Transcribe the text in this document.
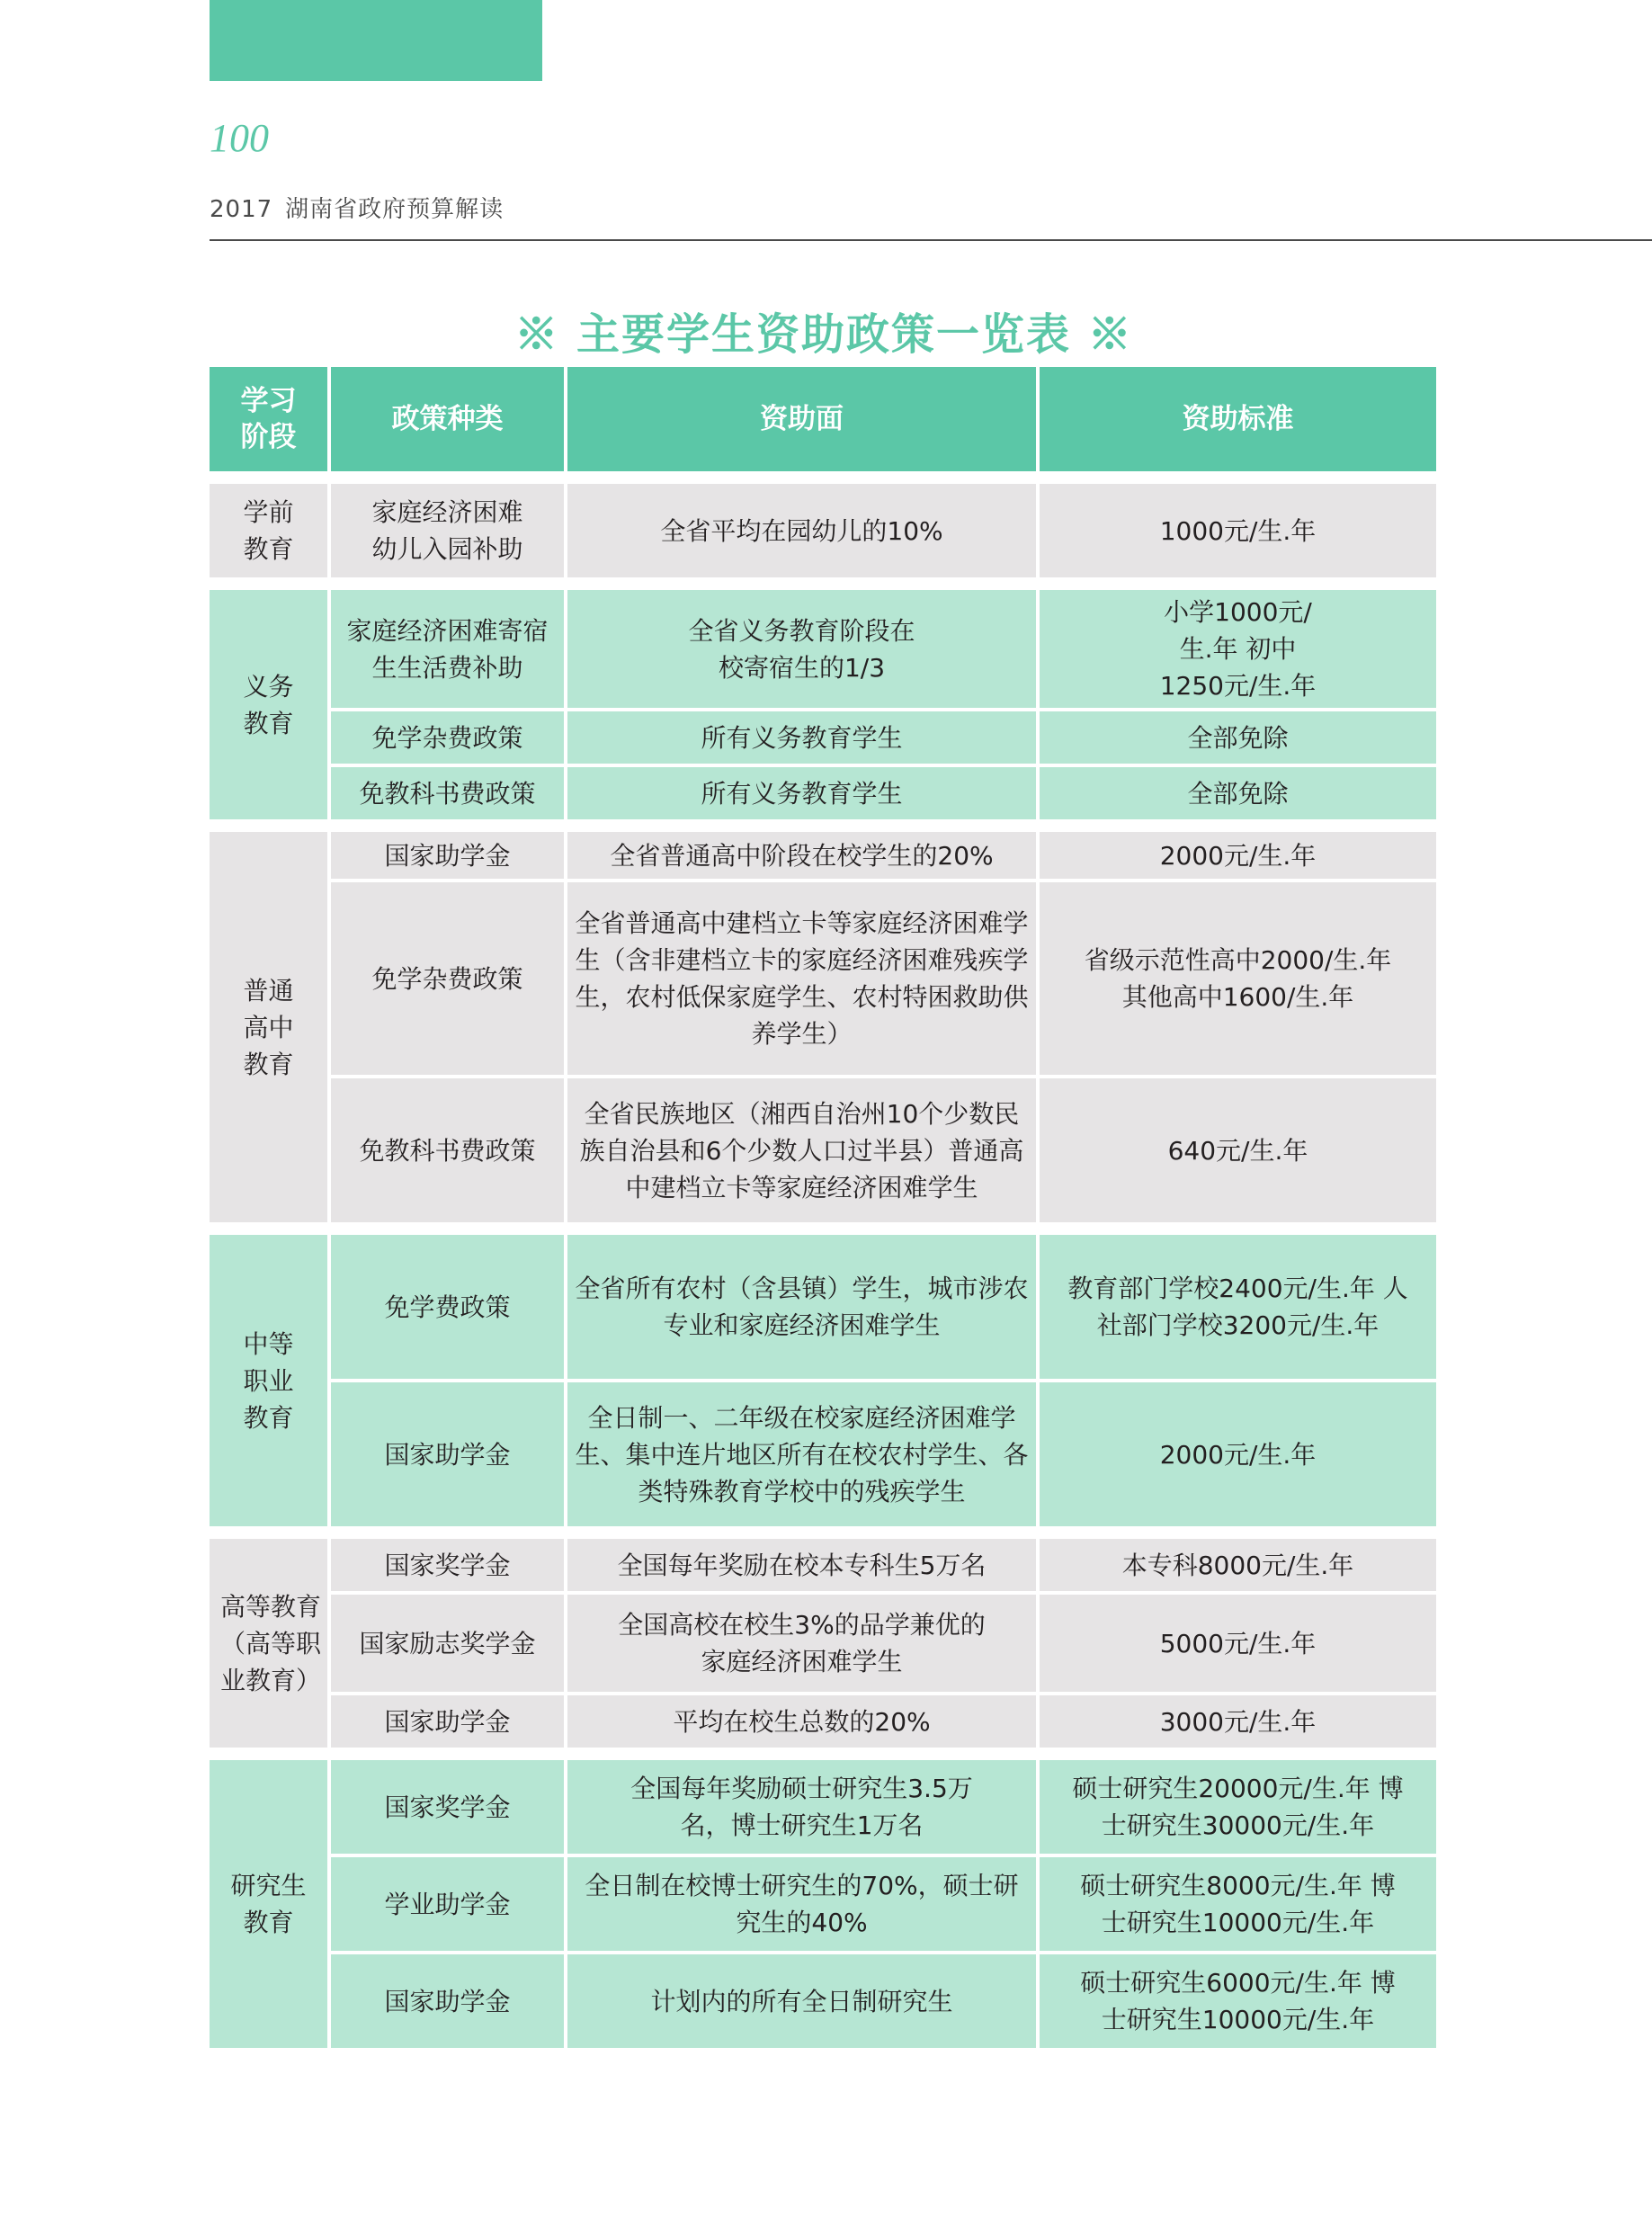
100
2017 湖南省政府预算解读
※ 主要学生资助政策一览表 ※
学习阶段	政策种类	资助面	资助标准

学前教育	家庭经济困难幼儿入园补助	全省平均在园幼儿的10%	1000元/生.年

义务教育	家庭经济困难寄宿生生活费补助	全省义务教育阶段在校寄宿生的1/3	小学1000元/生.年 初中1250元/生.年

	免学杂费政策	所有义务教育学生	全部免除
	免教科书费政策	所有义务教育学生	全部免除

普通高中教育	国家助学金	全省普通高中阶段在校学生的20%	2000元/生.年
	免学杂费政策	全省普通高中建档立卡等家庭经济困难学生（含非建档立卡的家庭经济困难残疾学生，农村低保家庭学生、农村特困救助供养学生）	省级示范性高中2000/生.年 其他高中1600/生.年

	免教科书费政策	全省民族地区（湘西自治州10个少数民族自治县和6个少数人口过半县）普通高中建档立卡等家庭经济困难学生	640元/生.年

中等职业教育	免学费政策	全省所有农村（含县镇）学生，城市涉农专业和家庭经济困难学生	教育部门学校2400元/生.年 人社部门学校3200元/生.年

	国家助学金	全日制一、二年级在校家庭经济困难学生、集中连片地区所有在校农村学生、各类特殊教育学校中的残疾学生	2000元/生.年

高等教育（高等职业教育）	国家奖学金	全国每年奖励在校本专科生5万名	本专科8000元/生.年
	国家励志奖学金	全国高校在校生3%的品学兼优的家庭经济困难学生	5000元/生.年
	国家助学金	平均在校生总数的20%	3000元/生.年

研究生教育	国家奖学金	全国每年奖励硕士研究生3.5万名，博士研究生1万名	硕士研究生20000元/生.年 博士研究生30000元/生.年

	学业助学金	全日制在校博士研究生的70%，硕士研究生的40%	硕士研究生8000元/生.年 博士研究生10000元/生.年

	国家助学金	计划内的所有全日制研究生	硕士研究生6000元/生.年 博士研究生10000元/生.年
